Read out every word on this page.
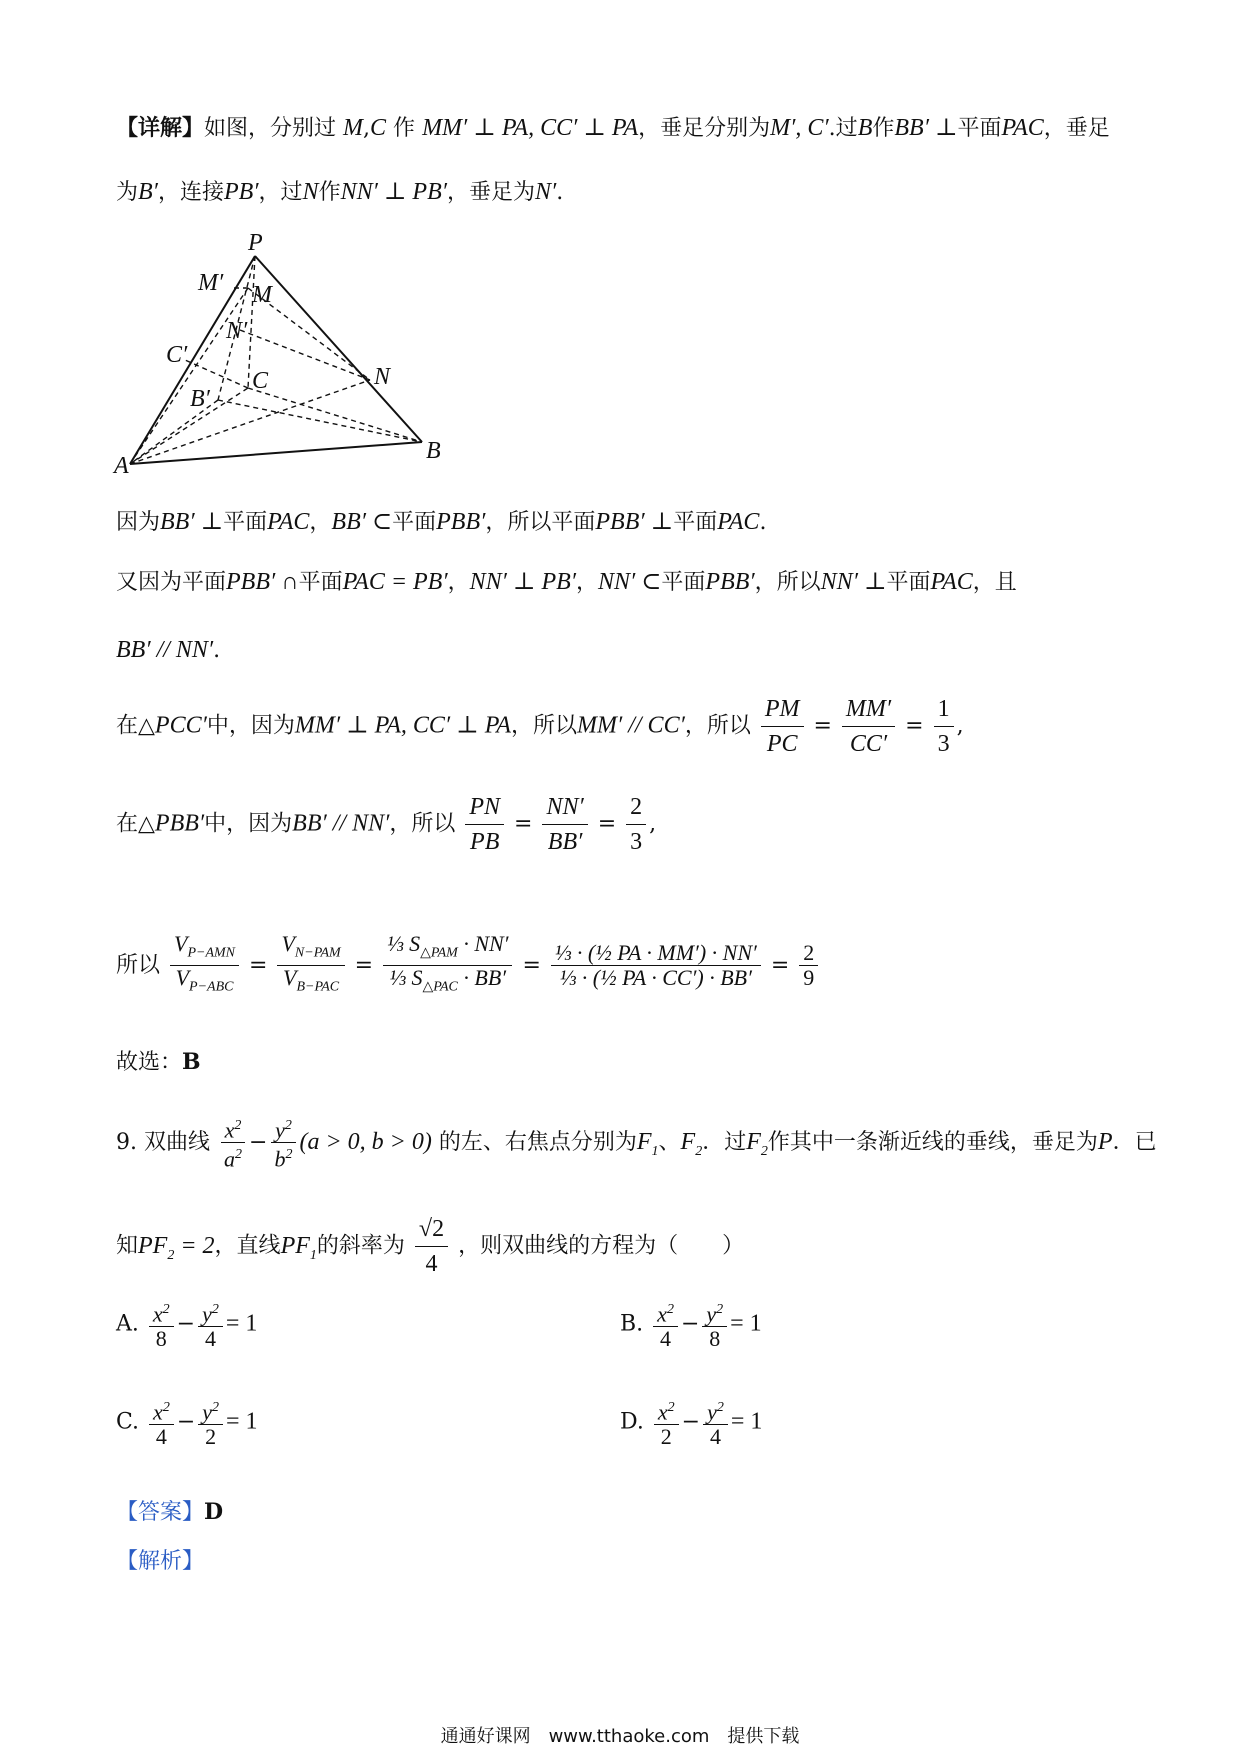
【详解】如图，分别过 M,C 作 MM′ ⊥ PA, CC′ ⊥ PA，垂足分别为M′, C′.过B作BB′ ⊥平面PAC，垂足
为B′，连接PB′，过N作NN′ ⊥ PB′，垂足为N′.
P
M′ M
N′
C′
C	N
B′
A
B
因为BB′ ⊥平面PAC，BB′ ⊂平面PBB′，所以平面PBB′ ⊥平面PAC.
又因为平面PBB′ ∩平面PAC = PB′，NN′ ⊥ PB′，NN′ ⊂平面PBB′，所以NN′ ⊥平面PAC，且
BB′ // NN′.
在△PCC′中，因为MM′ ⊥ PA, CC′ ⊥ PA，所以MM′ // CC′，所以 $\frac{PM}{PC} = \frac{MM'}{CC'} = \frac{1}{3}$ ,
在△PBB′中，因为BB′ // NN′，所以 $\frac{PN}{PB} = \frac{NN'}{BB'} = \frac{2}{3}$ ,
所以 $\frac{V_{P-AMN}}{V_{P-ABC}} = \frac{V_{N-PAM}}{V_{B-PAC}} = \frac{\frac{1}{3} S_{\triangle PAM} \cdot NN'}{\frac{1}{3} S_{\triangle PAC} \cdot BB'} = \frac{\text{⅓ · (½ PA · MM′) · NN′}}{\text{⅓ · (½ PA · CC′) · BB′}} = \frac{2}{9}$
故选：B
9. 双曲线 $\frac{x^2}{a^2} - \frac{y^2}{b^2} (a > 0$, b > 0) 的左、右焦点分别为$F_1$、$F_2$．过$F_2$作其中一条渐近线的垂线，垂足为P．已
知$PF_2 = 2$，直线$PF_1$的斜率为 $\frac{√2}{4}$ ，则双曲线的方程为（　　）
A. $\frac{x^2}{8} - \frac{y^2}{4} = 1$	B. $\frac{x^2}{4} - \frac{y^2}{8} = 1$
C. $\frac{x^2}{4} - \frac{y^2}{2} = 1$	D. $\frac{x^2}{2} - \frac{y^2}{4} = 1$
【答案】D
【解析】
通通好课网　www.tthaoke.com　提供下载
